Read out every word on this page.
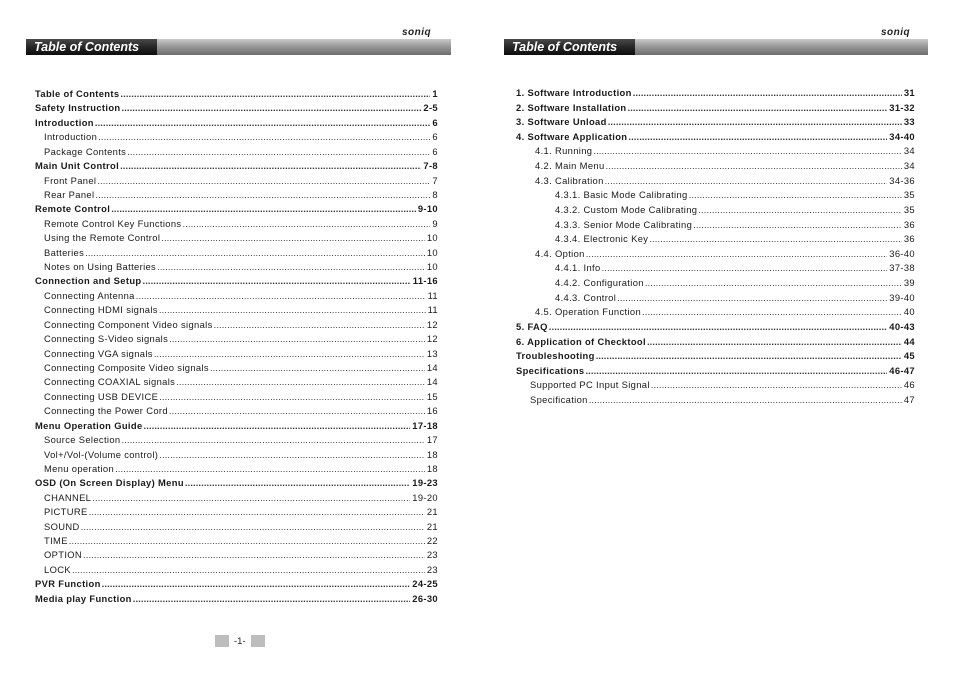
soniq
Table of Contents
Table of Contents .....	1
Safety Instruction .....	2-5
Introduction .....	6
Introduction .....	6
Package Contents .....	6
Main Unit Control .....	7-8
Front Panel .....	7
Rear Panel .....	8
Remote Control .....	9-10
Remote Control Key Functions .....	9
Using the Remote Control .....	10
Batteries .....	10
Notes on Using Batteries .....	10
Connection and Setup .....	11-16
Connecting Antenna .....	11
Connecting HDMI signals .....	11
Connecting Component Video signals .....	12
Connecting S-Video signals .....	12
Connecting VGA signals .....	13
Connecting Composite Video signals .....	14
Connecting COAXIAL signals .....	14
Connecting USB DEVICE .....	15
Connecting the Power Cord .....	16
Menu Operation Guide .....	17-18
Source Selection .....	17
Vol+/Vol-(Volume control) .....	18
Menu operation .....	18
OSD (On Screen Display) Menu .....	19-23
CHANNEL .....	19-20
PICTURE .....	21
SOUND .....	21
TIME .....	22
OPTION .....	23
LOCK .....	23
PVR Function .....	24-25
Media play Function .....	26-30
-1-
soniq
Table of Contents
1. Software Introduction .....	31
2. Software Installation .....	31-32
3. Software Unload .....	33
4. Software Application .....	34-40
4.1. Running .....	34
4.2. Main Menu .....	34
4.3. Calibration .....	34-36
4.3.1. Basic Mode Calibrating .....	35
4.3.2. Custom Mode Calibrating .....	35
4.3.3. Senior Mode Calibrating .....	36
4.3.4. Electronic Key .....	36
4.4. Option .....	36-40
4.4.1. Info .....	37-38
4.4.2. Configuration .....	39
4.4.3. Control .....	39-40
4.5. Operation Function .....	40
5. FAQ .....	40-43
6. Application of Checktool .....	44
Troubleshooting .....	45
Specifications .....	46-47
Supported PC Input Signal .....	46
Specification .....	47
